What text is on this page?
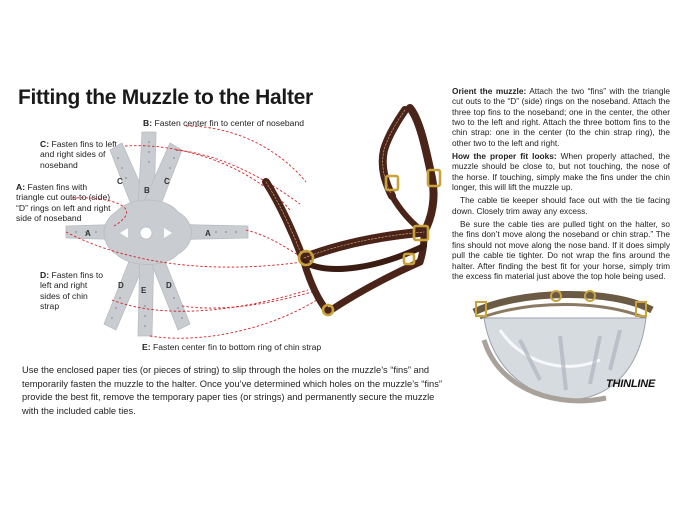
Fitting the Muzzle to the Halter
B: Fasten center fin to center of noseband
C: Fasten fins to left and right sides of noseband
A: Fasten fins with triangle cut outs to (side) “D” rings on left and right side of noseband
D: Fasten fins to left and right sides of chin strap
E: Fasten center fin to bottom ring of chin strap
A	A
B
C	C
D	D
E

Orient the muzzle: Attach the two “fins” with the triangle cut outs to the “D” (side) rings on the noseband. Attach the three top fins to the noseband; one in the center, the other two to the left and right. Attach the three bottom fins to the chin strap: one in the center (to the chin strap ring), the other two to the left and right.

How the proper fit looks: When properly attached, the muzzle should be close to, but not touching, the nose of the horse. If touching, simply make the fins under the chin longer, this will lift the muzzle up.

The cable tie keeper should face out with the tie facing down. Closely trim away any excess.

Be sure the cable ties are pulled tight on the halter, so the fins don’t move along the noseband or chin strap.” The fins should not move along the nose band. If it does simply pull the cable tie tighter. Do not wrap the fins around the halter. After finding the best fit for your horse, simply trim the excess fin material just above the top hole being used.

Use the enclosed paper ties (or pieces of string) to slip through the holes on the muzzle’s “fins” and temporarily fasten the muzzle to the halter. Once you’ve determined which holes on the muzzle’s “fins” provide the best fit, remove the temporary paper ties (or strings) and permanently secure the muzzle with the included cable ties.
THINLINE
